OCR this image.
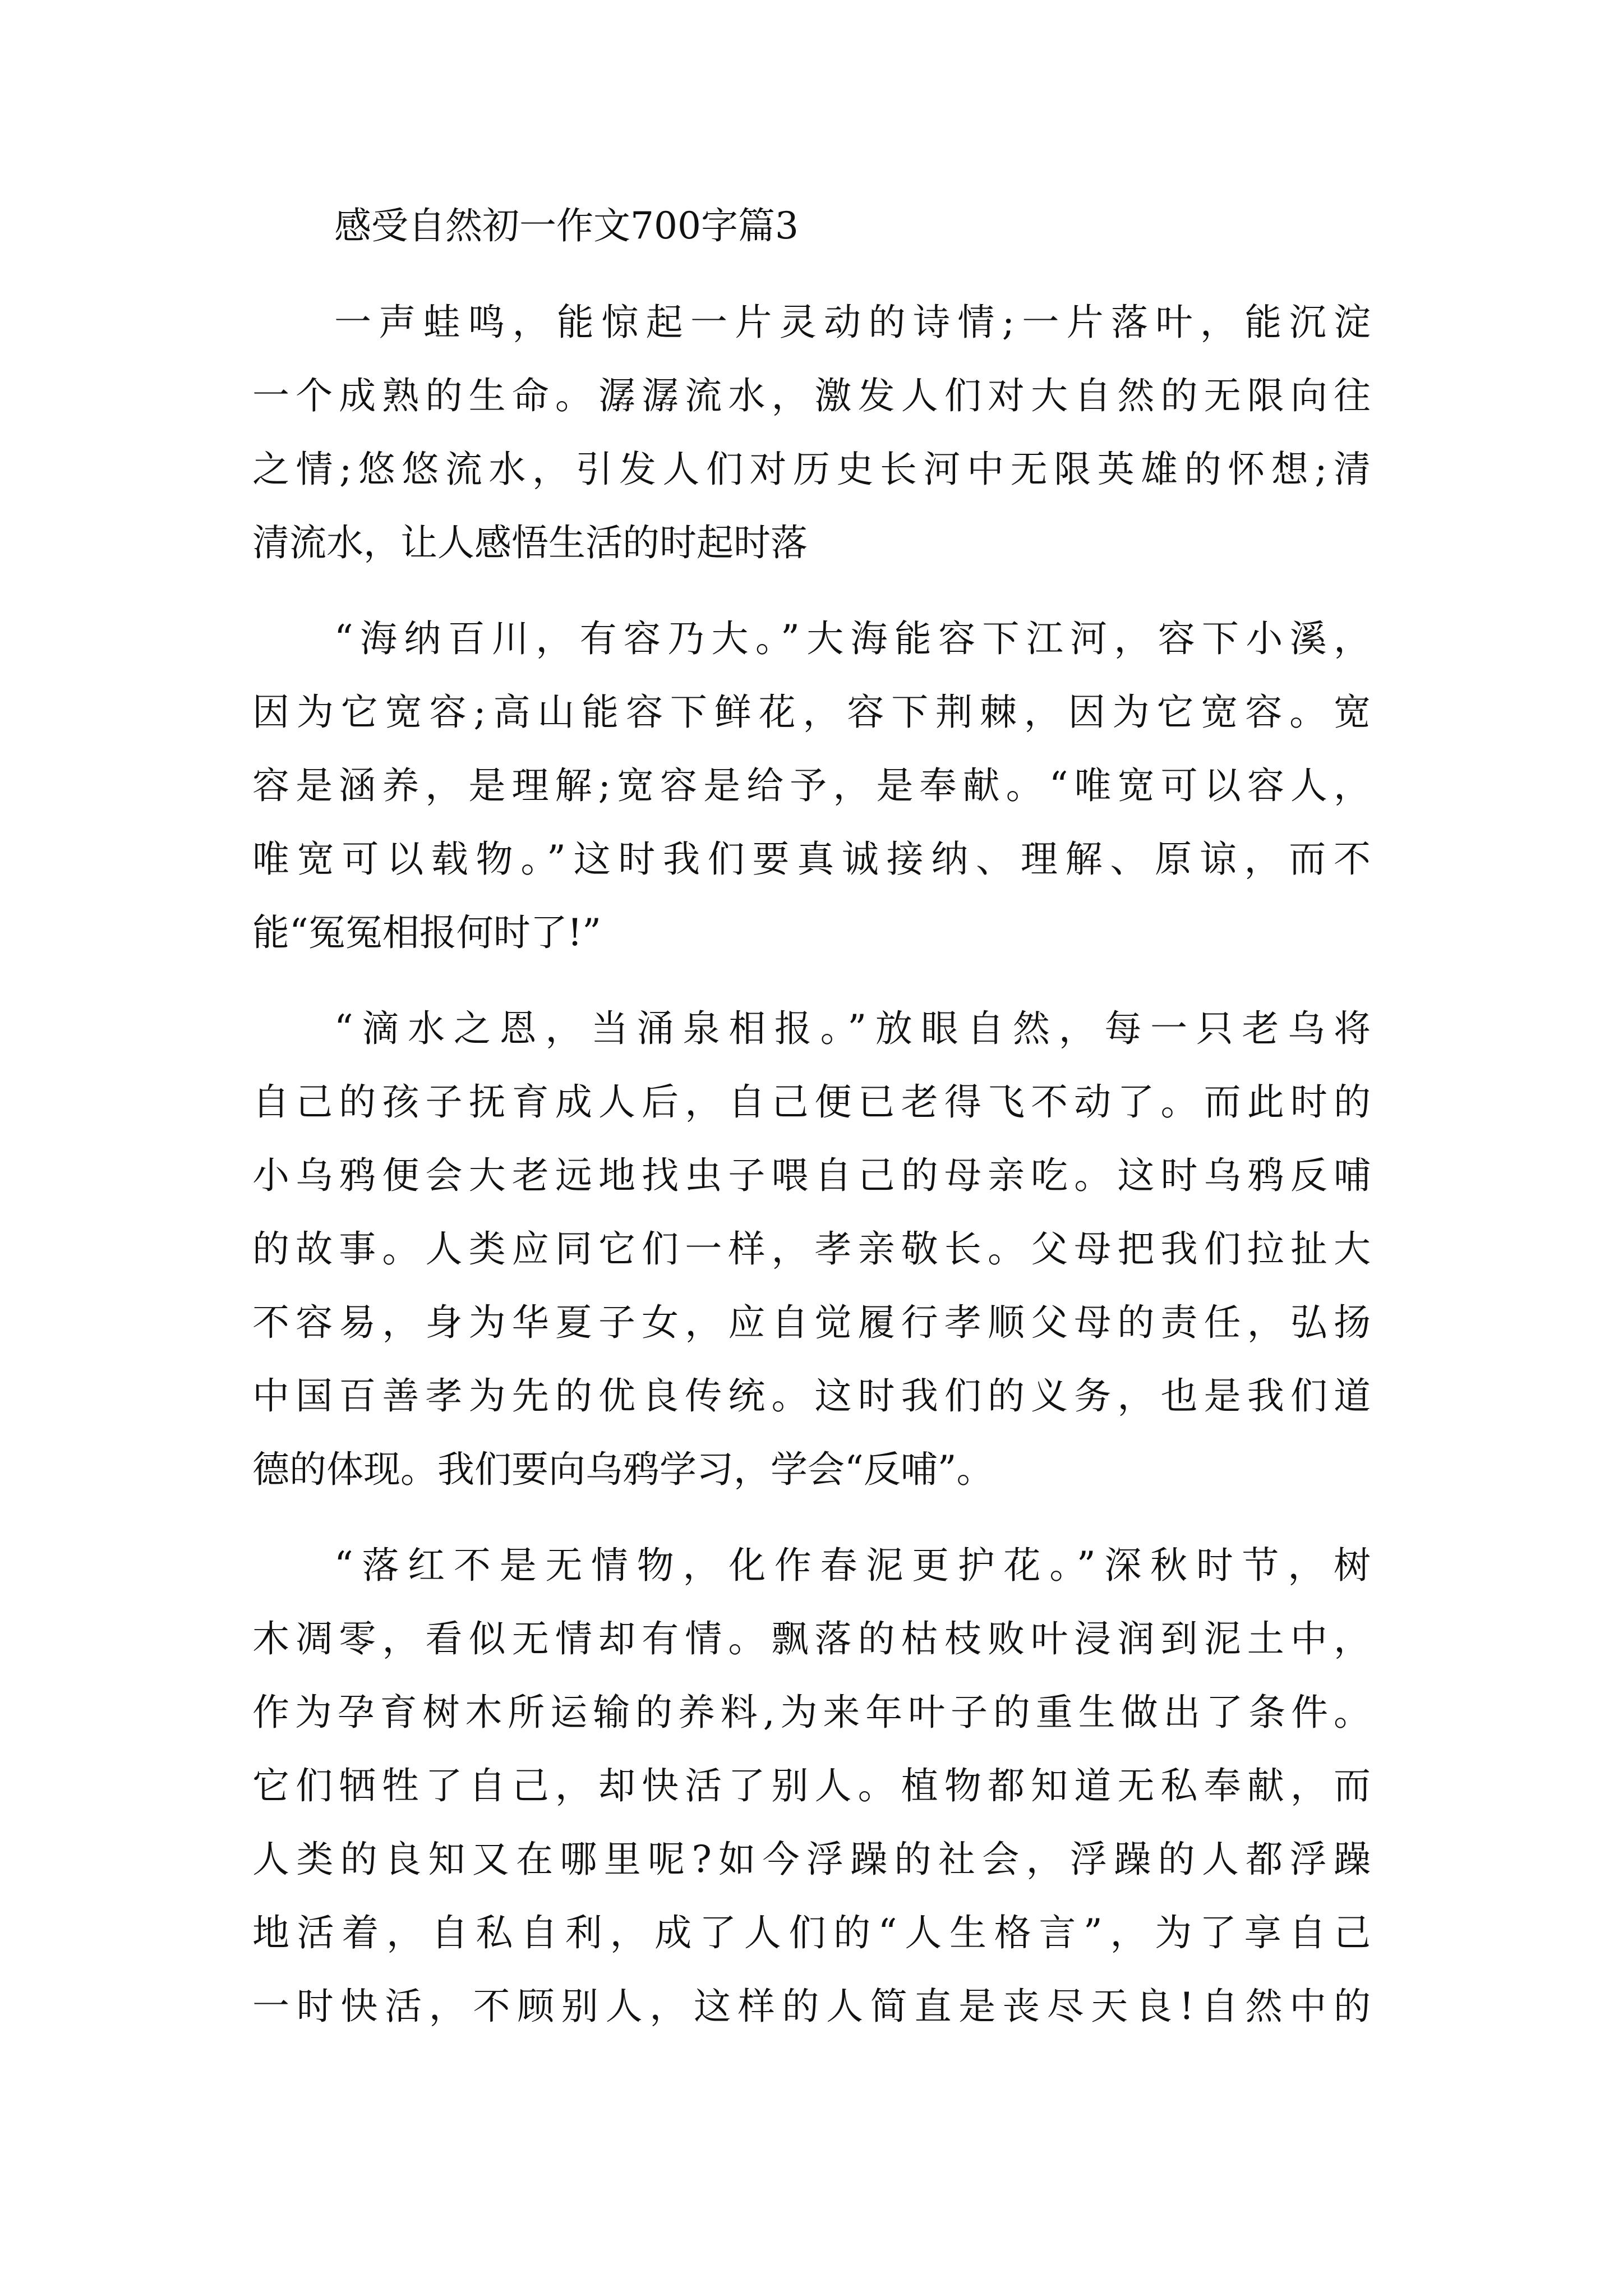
感受自然初一作文700字篇3
一声蛙鸣，能惊起一片灵动的诗情;一片落叶，能沉淀
一个成熟的生命。潺潺流水，激发人们对大自然的无限向往
之情;悠悠流水，引发人们对历史长河中无限英雄的怀想;清
清流水，让人感悟生活的时起时落
“海纳百川，有容乃大。”大海能容下江河，容下小溪，
因为它宽容;高山能容下鲜花，容下荆棘，因为它宽容。宽
容是涵养，是理解;宽容是给予，是奉献。“唯宽可以容人，
唯宽可以载物。”这时我们要真诚接纳、理解、原谅，而不
能“冤冤相报何时了!”
“滴水之恩，当涌泉相报。”放眼自然，每一只老乌将
自己的孩子抚育成人后，自己便已老得飞不动了。而此时的
小乌鸦便会大老远地找虫子喂自己的母亲吃。这时乌鸦反哺
的故事。人类应同它们一样，孝亲敬长。父母把我们拉扯大
不容易，身为华夏子女，应自觉履行孝顺父母的责任，弘扬
中国百善孝为先的优良传统。这时我们的义务，也是我们道
德的体现。我们要向乌鸦学习，学会“反哺”。
“落红不是无情物，化作春泥更护花。”深秋时节，树
木凋零，看似无情却有情。飘落的枯枝败叶浸润到泥土中，
作为孕育树木所运输的养料,为来年叶子的重生做出了条件。
它们牺牲了自己，却快活了别人。植物都知道无私奉献，而
人类的良知又在哪里呢?如今浮躁的社会，浮躁的人都浮躁
地活着，自私自利，成了人们的“人生格言”，为了享自己
一时快活，不顾别人，这样的人简直是丧尽天良!自然中的
